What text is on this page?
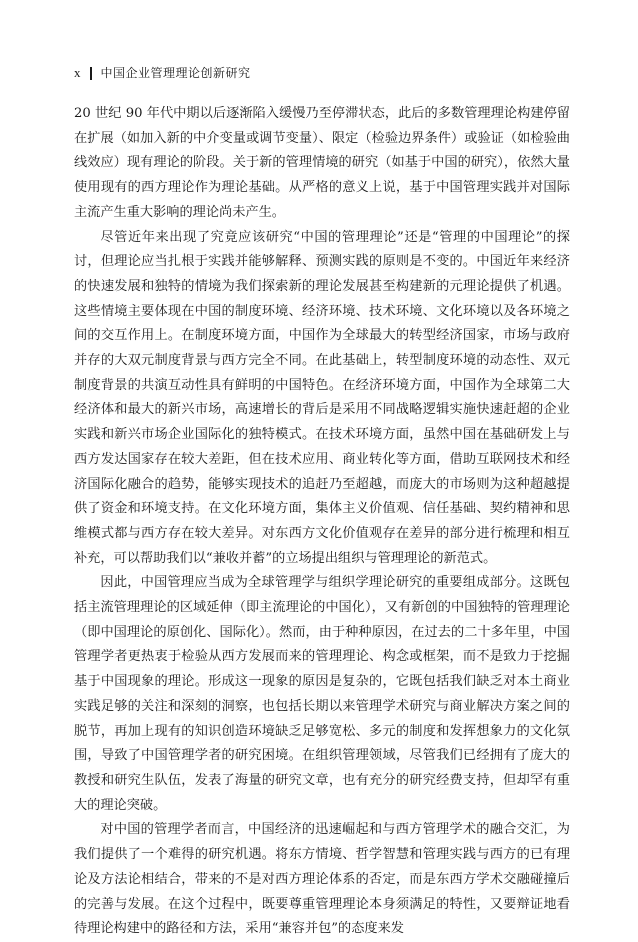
x 中国企业管理理论创新研究

20 世纪 90 年代中期以后逐渐陷入缓慢乃至停滞状态，此后的多数管理理论构建停留在扩展（如加入新的中介变量或调节变量）、限定（检验边界条件）或验证（如检验曲线效应）现有理论的阶段。关于新的管理情境的研究（如基于中国的研究），依然大量使用现有的西方理论作为理论基础。从严格的意义上说，基于中国管理实践并对国际主流产生重大影响的理论尚未产生。

尽管近年来出现了究竟应该研究“中国的管理理论”还是“管理的中国理论”的探讨，但理论应当扎根于实践并能够解释、预测实践的原则是不变的。中国近年来经济的快速发展和独特的情境为我们探索新的理论发展甚至构建新的元理论提供了机遇。这些情境主要体现在中国的制度环境、经济环境、技术环境、文化环境以及各环境之间的交互作用上。在制度环境方面，中国作为全球最大的转型经济国家，市场与政府并存的大双元制度背景与西方完全不同。在此基础上，转型制度环境的动态性、双元制度背景的共演互动性具有鲜明的中国特色。在经济环境方面，中国作为全球第二大经济体和最大的新兴市场，高速增长的背后是采用不同战略逻辑实施快速赶超的企业实践和新兴市场企业国际化的独特模式。在技术环境方面，虽然中国在基础研发上与西方发达国家存在较大差距，但在技术应用、商业转化等方面，借助互联网技术和经济国际化融合的趋势，能够实现技术的追赶乃至超越，而庞大的市场则为这种超越提供了资金和环境支持。在文化环境方面，集体主义价值观、信任基础、契约精神和思维模式都与西方存在较大差异。对东西方文化价值观存在差异的部分进行梳理和相互补充，可以帮助我们以“兼收并蓄”的立场提出组织与管理理论的新范式。

因此，中国管理应当成为全球管理学与组织学理论研究的重要组成部分。这既包括主流管理理论的区域延伸（即主流理论的中国化），又有新创的中国独特的管理理论（即中国理论的原创化、国际化）。然而，由于种种原因，在过去的二十多年里，中国管理学者更热衷于检验从西方发展而来的管理理论、构念或框架，而不是致力于挖掘基于中国现象的理论。形成这一现象的原因是复杂的，它既包括我们缺乏对本土商业实践足够的关注和深刻的洞察，也包括长期以来管理学术研究与商业解决方案之间的脱节，再加上现有的知识创造环境缺乏足够宽松、多元的制度和发挥想象力的文化氛围，导致了中国管理学者的研究困境。在组织管理领域，尽管我们已经拥有了庞大的教授和研究生队伍，发表了海量的研究文章，也有充分的研究经费支持，但却罕有重大的理论突破。

对中国的管理学者而言，中国经济的迅速崛起和与西方管理学术的融合交汇，为我们提供了一个难得的研究机遇。将东方情境、哲学智慧和管理实践与西方的已有理论及方法论相结合，带来的不是对西方理论体系的否定，而是东西方学术交融碰撞后的完善与发展。在这个过程中，既要尊重管理理论本身须满足的特性，又要辩证地看待理论构建中的路径和方法，采用“兼容并包”的态度来发
